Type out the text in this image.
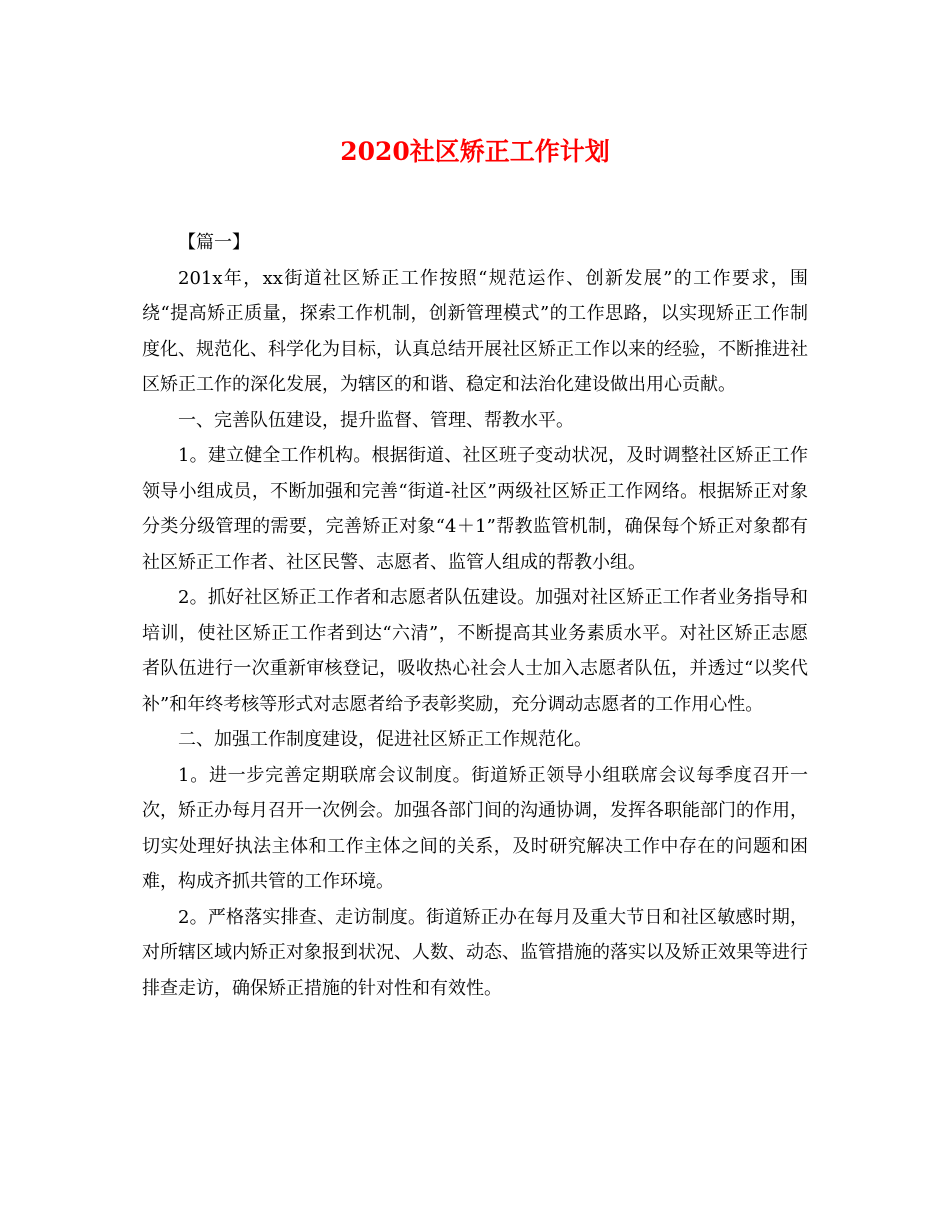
2020社区矫正工作计划

【篇一】

201x年，xx街道社区矫正工作按照“规范运作、创新发展”的工作要求，围绕“提高矫正质量，探索工作机制，创新管理模式”的工作思路，以实现矫正工作制度化、规范化、科学化为目标，认真总结开展社区矫正工作以来的经验，不断推进社区矫正工作的深化发展，为辖区的和谐、稳定和法治化建设做出用心贡献。

一、完善队伍建设，提升监督、管理、帮教水平。

1。建立健全工作机构。根据街道、社区班子变动状况，及时调整社区矫正工作领导小组成员，不断加强和完善“街道-社区”两级社区矫正工作网络。根据矫正对象分类分级管理的需要，完善矫正对象“4＋1”帮教监管机制，确保每个矫正对象都有社区矫正工作者、社区民警、志愿者、监管人组成的帮教小组。

2。抓好社区矫正工作者和志愿者队伍建设。加强对社区矫正工作者业务指导和培训，使社区矫正工作者到达“六清”，不断提高其业务素质水平。对社区矫正志愿者队伍进行一次重新审核登记，吸收热心社会人士加入志愿者队伍，并透过“以奖代补”和年终考核等形式对志愿者给予表彰奖励，充分调动志愿者的工作用心性。

二、加强工作制度建设，促进社区矫正工作规范化。

1。进一步完善定期联席会议制度。街道矫正领导小组联席会议每季度召开一次，矫正办每月召开一次例会。加强各部门间的沟通协调，发挥各职能部门的作用，切实处理好执法主体和工作主体之间的关系，及时研究解决工作中存在的问题和困难，构成齐抓共管的工作环境。

2。严格落实排查、走访制度。街道矫正办在每月及重大节日和社区敏感时期，对所辖区域内矫正对象报到状况、人数、动态、监管措施的落实以及矫正效果等进行排查走访，确保矫正措施的针对性和有效性。
